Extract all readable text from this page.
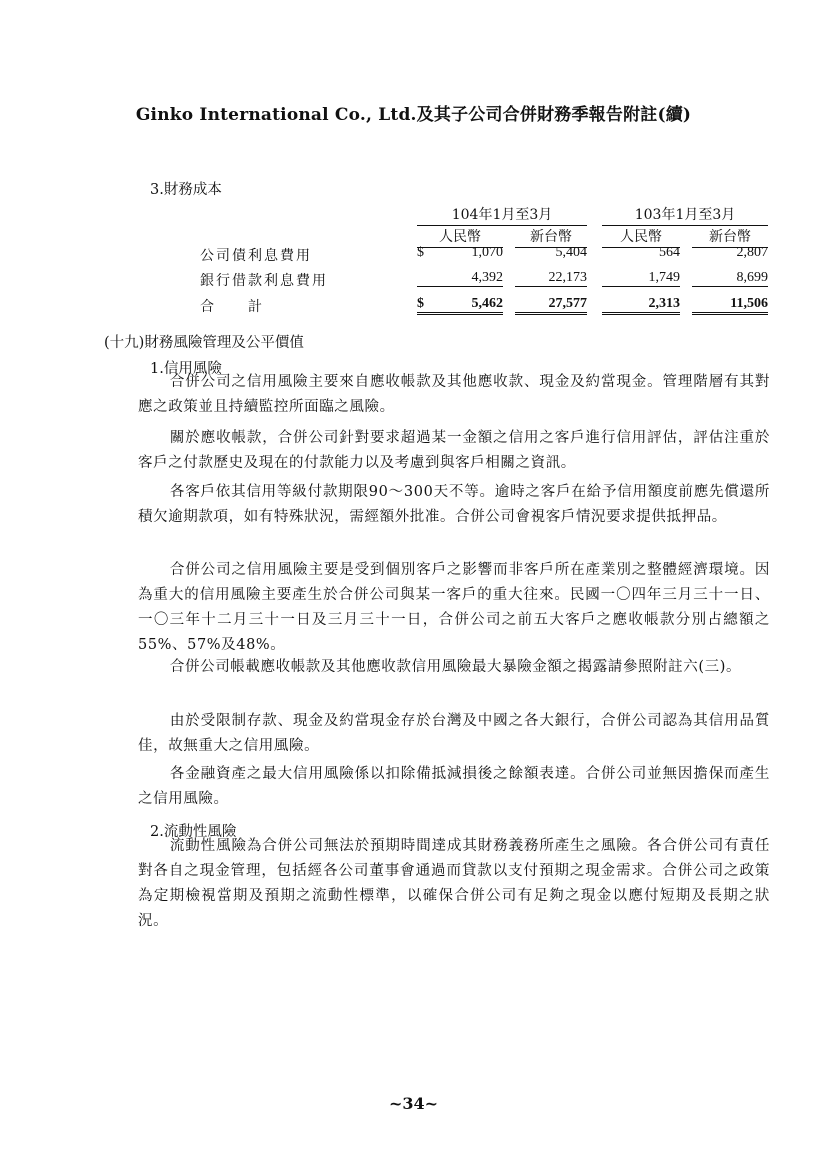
Ginko International Co., Ltd.及其子公司合併財務季報告附註(續)
3.財務成本
104年1月至3月	103年1月至3月
人民幣	新台幣	人民幣	新台幣
公司債利息費用	$	1,070	5,404	564	2,807
銀行借款利息費用	4,392	22,173	1,749	8,699
合　　計	$	5,462	27,577	2,313	11,506
(十九)財務風險管理及公平價值
1.信用風險

合併公司之信用風險主要來自應收帳款及其他應收款、現金及約當現金。管理階層有其對應之政策並且持續監控所面臨之風險。

關於應收帳款，合併公司針對要求超過某一金額之信用之客戶進行信用評估，評估注重於客戶之付款歷史及現在的付款能力以及考慮到與客戶相關之資訊。

各客戶依其信用等級付款期限90～300天不等。逾時之客戶在給予信用額度前應先償還所積欠逾期款項，如有特殊狀況，需經額外批准。合併公司會視客戶情況要求提供抵押品。

合併公司之信用風險主要是受到個別客戶之影響而非客戶所在產業別之整體經濟環境。因為重大的信用風險主要產生於合併公司與某一客戶的重大往來。民國一〇四年三月三十一日、一〇三年十二月三十一日及三月三十一日，合併公司之前五大客戶之應收帳款分別占總額之55%、57%及48%。

合併公司帳載應收帳款及其他應收款信用風險最大暴險金額之揭露請參照附註六(三)。

由於受限制存款、現金及約當現金存於台灣及中國之各大銀行，合併公司認為其信用品質佳，故無重大之信用風險。

各金融資產之最大信用風險係以扣除備抵減損後之餘額表達。合併公司並無因擔保而產生之信用風險。

2.流動性風險

流動性風險為合併公司無法於預期時間達成其財務義務所產生之風險。各合併公司有責任對各自之現金管理，包括經各公司董事會通過而貸款以支付預期之現金需求。合併公司之政策為定期檢視當期及預期之流動性標準，以確保合併公司有足夠之現金以應付短期及長期之狀況。

~34~
